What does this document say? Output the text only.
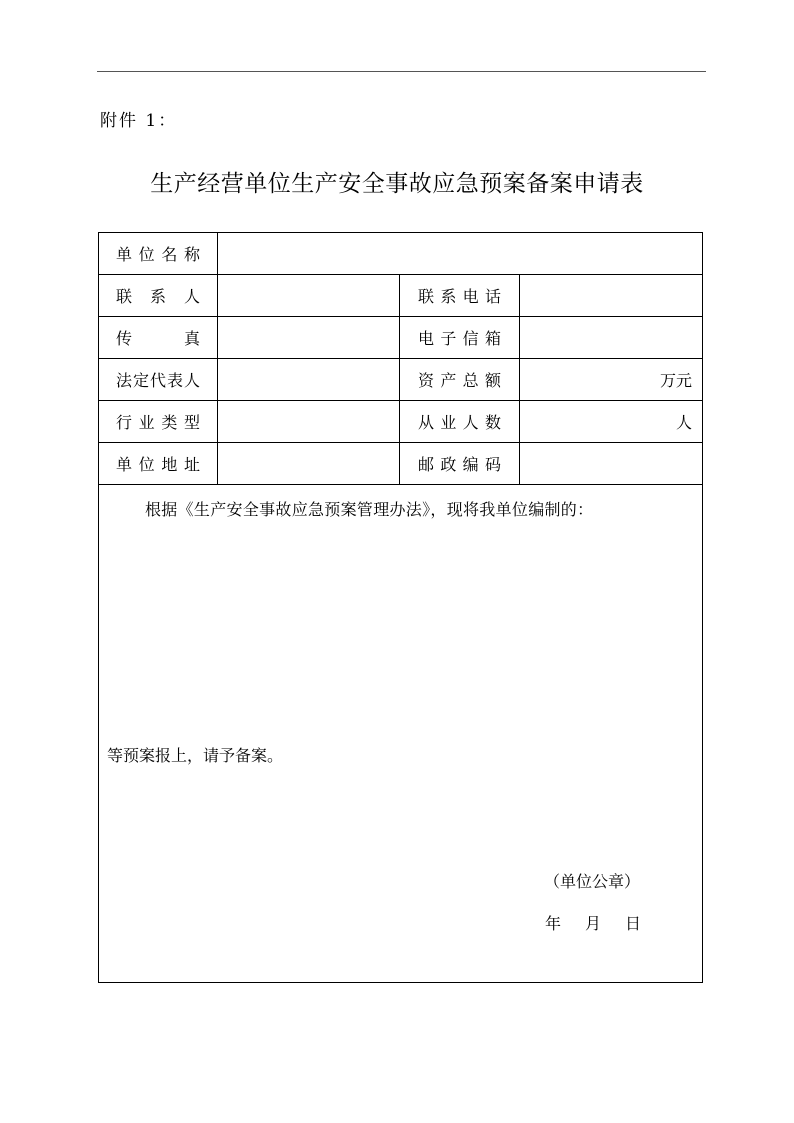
附件 1：
生产经营单位生产安全事故应急预案备案申请表
单 位 名 称			

联 系 人		联 系 电 话	

传 真		电 子 信 箱	

法 定 代 表 人		资 产 总 额	万元

行 业 类 型		从 业 人 数	人

单 位 地 址		邮 政 编 码	

根据《生产安全事故应急预案管理办法》，现将我单位编制的：
等预案报上，请予备案。
（单位公章）
年 月 日			
